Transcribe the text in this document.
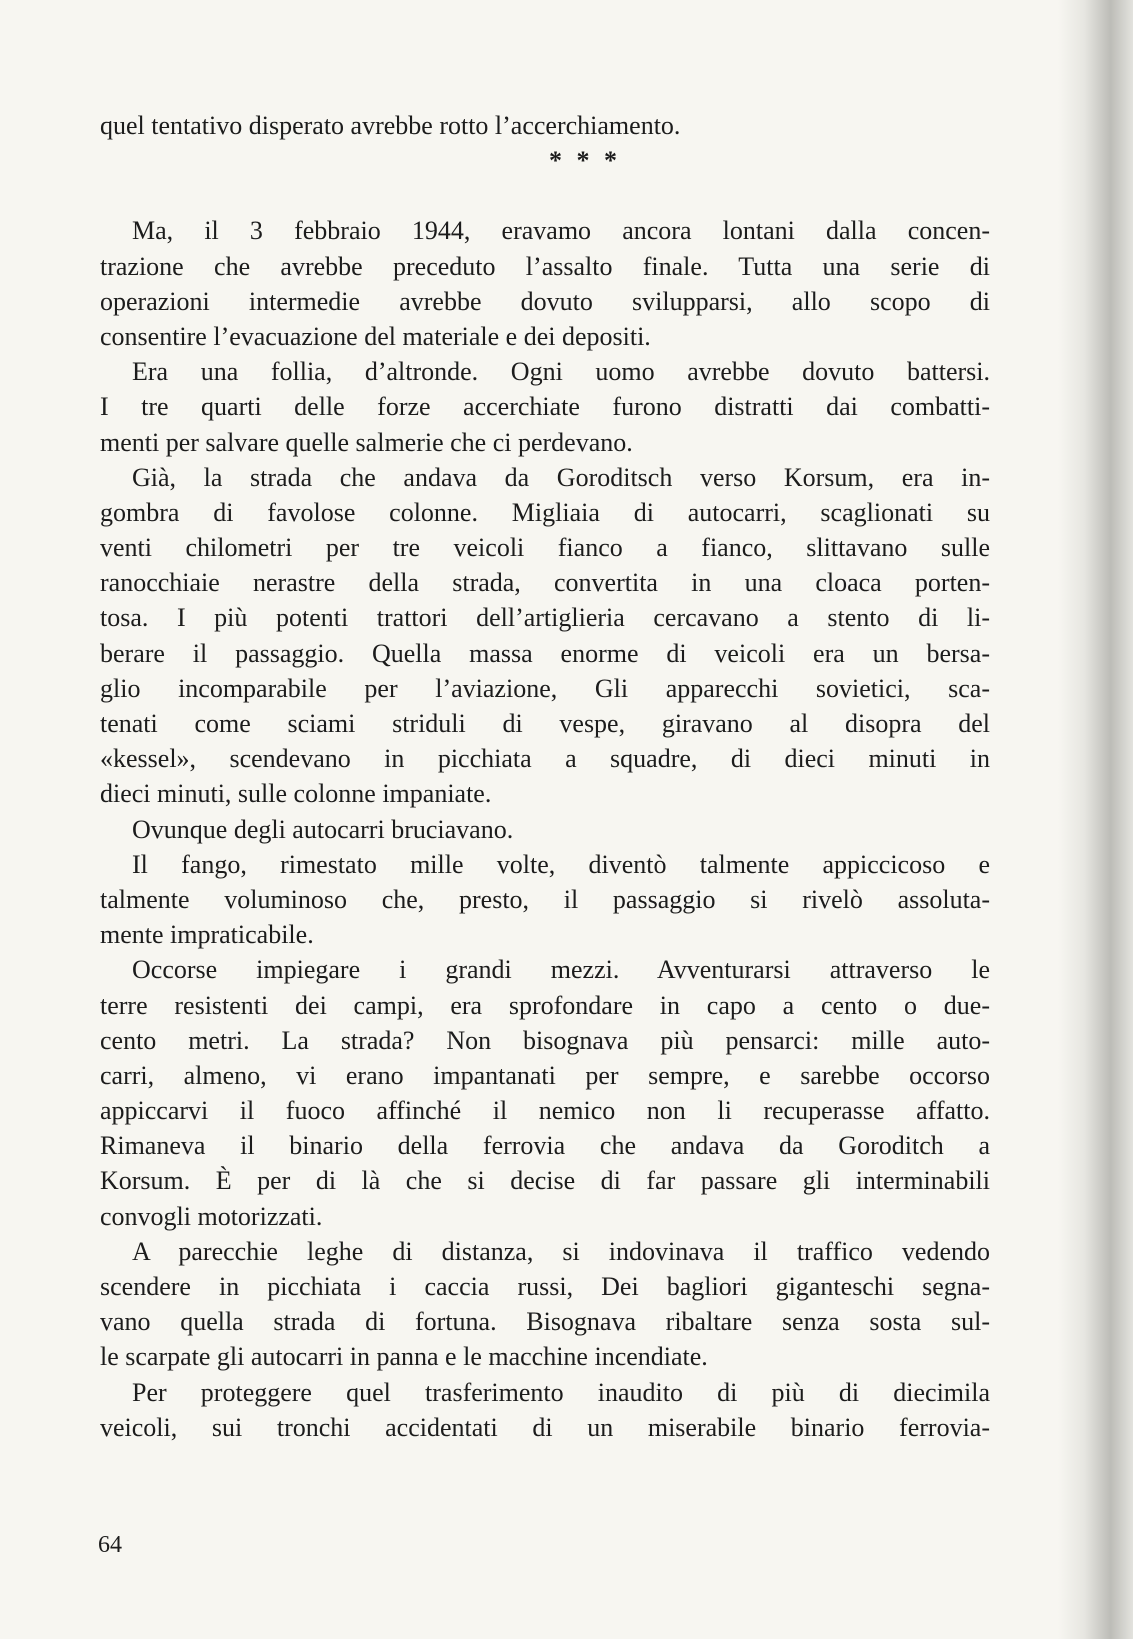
quel tentativo disperato avrebbe rotto l’accerchiamento.
* * *
Ma, il 3 febbraio 1944, eravamo ancora lontani dalla concen-
trazione che avrebbe preceduto l’assalto finale. Tutta una serie di
operazioni intermedie avrebbe dovuto svilupparsi, allo scopo di
consentire l’evacuazione del materiale e dei depositi.
Era una follia, d’altronde. Ogni uomo avrebbe dovuto battersi.
I tre quarti delle forze accerchiate furono distratti dai combatti-
menti per salvare quelle salmerie che ci perdevano.
Già, la strada che andava da Goroditsch verso Korsum, era in-
gombra di favolose colonne. Migliaia di autocarri, scaglionati su
venti chilometri per tre veicoli fianco a fianco, slittavano sulle
ranocchiaie nerastre della strada, convertita in una cloaca porten-
tosa. I più potenti trattori dell’artiglieria cercavano a stento di li-
berare il passaggio. Quella massa enorme di veicoli era un bersa-
glio incomparabile per l’aviazione, Gli apparecchi sovietici, sca-
tenati come sciami striduli di vespe, giravano al disopra del
«kessel», scendevano in picchiata a squadre, di dieci minuti in
dieci minuti, sulle colonne impaniate.
Ovunque degli autocarri bruciavano.
Il fango, rimestato mille volte, diventò talmente appiccicoso e
talmente voluminoso che, presto, il passaggio si rivelò assoluta-
mente impraticabile.
Occorse impiegare i grandi mezzi. Avventurarsi attraverso le
terre resistenti dei campi, era sprofondare in capo a cento o due-
cento metri. La strada? Non bisognava più pensarci: mille auto-
carri, almeno, vi erano impantanati per sempre, e sarebbe occorso
appiccarvi il fuoco affinché il nemico non li recuperasse affatto.
Rimaneva il binario della ferrovia che andava da Goroditch a
Korsum. È per di là che si decise di far passare gli interminabili
convogli motorizzati.
A parecchie leghe di distanza, si indovinava il traffico vedendo
scendere in picchiata i caccia russi, Dei bagliori giganteschi segna-
vano quella strada di fortuna. Bisognava ribaltare senza sosta sul-
le scarpate gli autocarri in panna e le macchine incendiate.
Per proteggere quel trasferimento inaudito di più di diecimila
veicoli, sui tronchi accidentati di un miserabile binario ferrovia-
64
